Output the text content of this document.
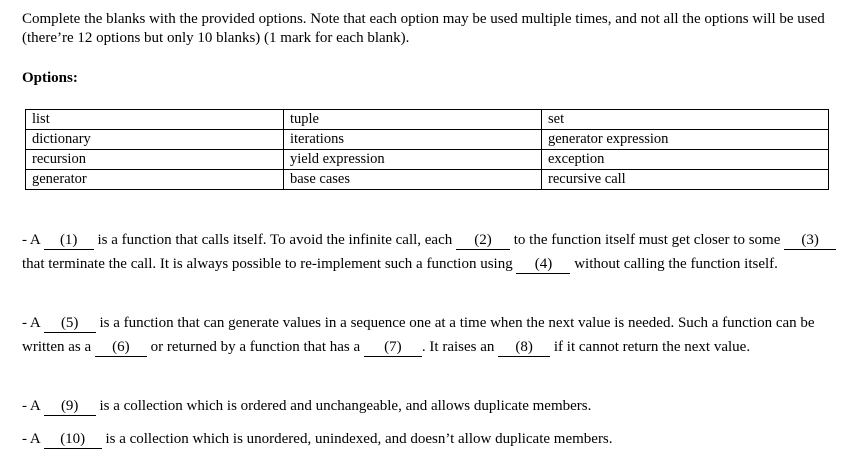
Complete the blanks with the provided options. Note that each option may be used multiple times, and not all the options will be used (there’re 12 options but only 10 blanks) (1 mark for each blank).
Options:
list	tuple	set
dictionary	iterations	generator expression
recursion	yield expression	exception
generator	base cases	recursive call
- A (1) is a function that calls itself. To avoid the infinite call, each (2) to the function itself must get closer to some (3) that terminate the call. It is always possible to re-implement such a function using (4) without calling the function itself.
- A (5) is a function that can generate values in a sequence one at a time when the next value is needed. Such a function can be written as a (6) or returned by a function that has a (7) . It raises an (8) if it cannot return the next value.
- A (9) is a collection which is ordered and unchangeable, and allows duplicate members.
- A (10) is a collection which is unordered, unindexed, and doesn’t allow duplicate members.
